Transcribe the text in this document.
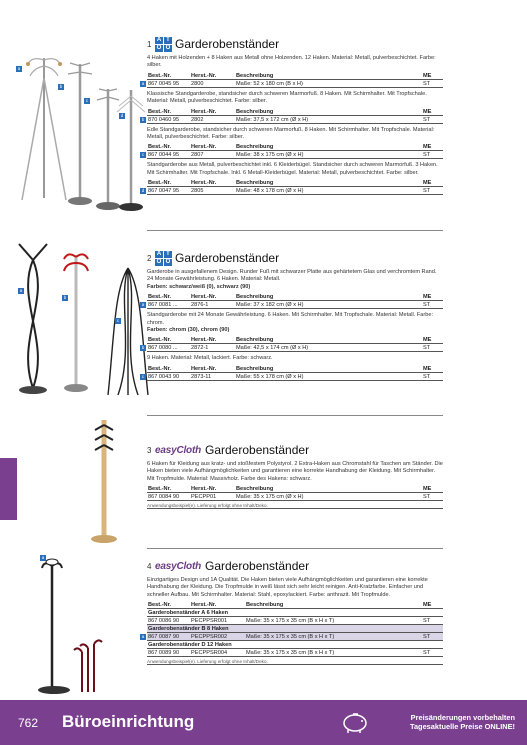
a
b
c
d
1 A T
O O Garderobenständer
4 Haken mit Holzenden + 8 Haken aus Metall ohne Holzenden. 12 Haken. Material: Metall, pulverbeschichtet. Farbe: silber.
Best.-Nr.	Herst.-Nr.	Beschreibung	ME
a 867 0045 95	2800	Maße: 52 x 180 cm (B x H)	ST
Klassische Standgarderobe, standsicher durch schweren Marmorfuß. 8 Haken. Mit Schirmhalter. Mit Tropfschale. Material: Metall, pulverbeschichtet. Farbe: silber.
Best.-Nr.	Herst.-Nr.	Beschreibung	ME
b 870 0460 95	2802	Maße: 37,5 x 172 cm (Ø x H)	ST
Edle Standgarderobe, standsicher durch schweren Marmorfuß. 8 Haken. Mit Schirmhalter. Mit Tropfschale. Material: Metall, pulverbeschichtet. Farbe: silber.
Best.-Nr.	Herst.-Nr.	Beschreibung	ME
c 867 0044 95	2807	Maße: 38 x 175 cm (Ø x H)	ST
Standgarderobe aus Metall, pulverbeschichtet inkl. 6 Kleiderbügel. Standsicher durch schweren Marmorfuß. 3 Haken. Mit Schirmhalter. Mit Tropfschale. Inkl. 6 Metall-Kleiderbügel. Material: Metall, pulverbeschichtet. Farbe: silber.
Best.-Nr.	Herst.-Nr.	Beschreibung	ME
d 867 0047 95	2805	Maße: 48 x 178 cm (Ø x H)	ST
a
b
c
2 A T
O O Garderobenständer
Garderobe in ausgefallenem Design. Runder Fuß mit schwarzer Platte aus gehärtetem Glas und verchromtem Rand. 24 Monate Gewährleistung. 6 Haken. Material: Metall.
Farben: schwarz/weiß (0), schwarz (90)
Best.-Nr.	Herst.-Nr.	Beschreibung	ME
a 867 0081 ...	2876-1	Maße: 37 x 182 cm (Ø x H)	ST
Standgarderobe mit 24 Monate Gewährleistung. 6 Haken. Mit Schirmhalter. Mit Tropfschale. Material: Metall. Farbe: chrom.
Farben: chrom (30), chrom (90)
Best.-Nr.	Herst.-Nr.	Beschreibung	ME
b 867 0080 ...	2872-1	Maße: 42,5 x 174 cm (Ø x H)	ST
9 Haken. Material: Metall, lackiert. Farbe: schwarz.
Best.-Nr.	Herst.-Nr.	Beschreibung	ME
c 867 0043 90	2873-11	Maße: 55 x 178 cm (Ø x H)	ST
3 easyCloth Garderobenständer
6 Haken für Kleidung aus kratz- und stoßfestem Polystyrol. 2 Extra-Haken aus Chromstahl für Taschen am Ständer. Die Haken bieten viele Aufhängmöglichkeiten und garantieren eine korrekte Handhabung der Kleidung. Mit Schirmhalter. Mit Tropfmulde. Material: Massivholz. Farbe des Hakens: schwarz.
Best.-Nr.	Herst.-Nr.	Beschreibung	ME
867 0084 90	PECPP01	Maße: 35 x 175 cm (Ø x H)	ST
Anwendungsbeispiel(e). Lieferung erfolgt ohne Inhalt/Deko.
a
4 easyCloth Garderobenständer
Einzigartiges Design und 1A Qualität. Die Haken bieten viele Aufhängmöglichkeiten und garantieren eine korrekte Handhabung der Kleidung. Die Tropfmulde in weiß lässt sich sehr leicht reinigen. Anti-Kratzfarbe. Einfacher und schneller Aufbau. Mit Schirmhalter. Material: Stahl, epoxylackiert. Farbe: anthrazit. Mit Tropfmulde.
Best.-Nr.	Herst.-Nr.	Beschreibung	ME
Garderobenständer A 6 Haken
867 0086 90	PECPPSR001	Maße: 35 x 175 x 35 cm (B x H x T)	ST
Garderobenständer B 8 Haken
a 867 0087 90	PECPPSR002	Maße: 35 x 175 x 35 cm (B x H x T)	ST
Garderobenständer D 12 Haken
867 0089 90	PECPPSR004	Maße: 35 x 175 x 35 cm (B x H x T)	ST
Anwendungsbeispiel(e). Lieferung erfolgt ohne Inhalt/Deko.
762 Büroeinrichtung	Preisänderungen vorbehalten
Tagesaktuelle Preise ONLINE!
